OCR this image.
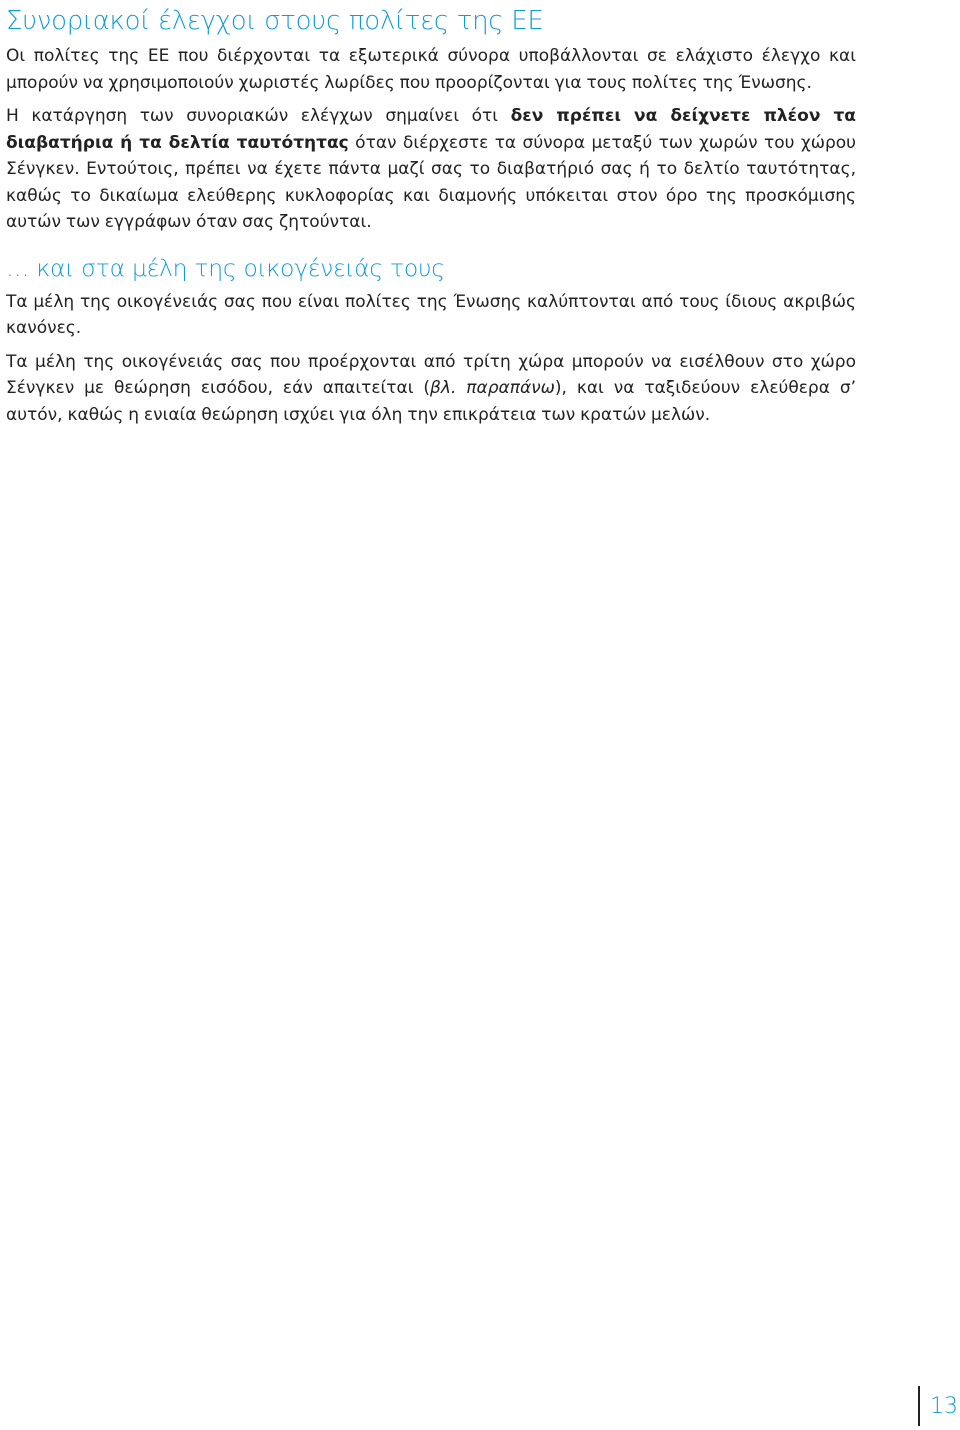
Συνοριακοί έλεγχοι στους πολίτες της ΕΕ

Οι πολίτες της ΕΕ που διέρχονται τα εξωτερικά σύνορα υποβάλλονται σε ελάχιστο έλεγχο και μπορούν να χρησιμοποιούν χωριστές λωρίδες που προορίζονται για τους πολίτες της Ένωσης.

Η κατάργηση των συνοριακών ελέγχων σημαίνει ότι δεν πρέπει να δείχνετε πλέον τα διαβατήρια ή τα δελτία ταυτότητας όταν διέρχεστε τα σύνορα μεταξύ των χωρών του χώρου Σένγκεν. Εντούτοις, πρέπει να έχετε πάντα μαζί σας το διαβατήριό σας ή το δελτίο ταυτότητας, καθώς το δικαίωμα ελεύθερης κυκλοφορίας και διαμονής υπόκειται στον όρο της προσκόμισης αυτών των εγγράφων όταν σας ζητούνται.

… και στα μέλη της οικογένειάς τους

Τα μέλη της οικογένειάς σας που είναι πολίτες της Ένωσης καλύπτονται από τους ίδιους ακριβώς κανόνες.

Τα μέλη της οικογένειάς σας που προέρχονται από τρίτη χώρα μπορούν να εισέλθουν στο χώρο Σένγκεν με θεώρηση εισόδου, εάν απαιτείται (βλ. παραπάνω), και να ταξιδεύουν ελεύθερα σ’ αυτόν, καθώς η ενιαία θεώρηση ισχύει για όλη την επικράτεια των κρατών μελών.

13
